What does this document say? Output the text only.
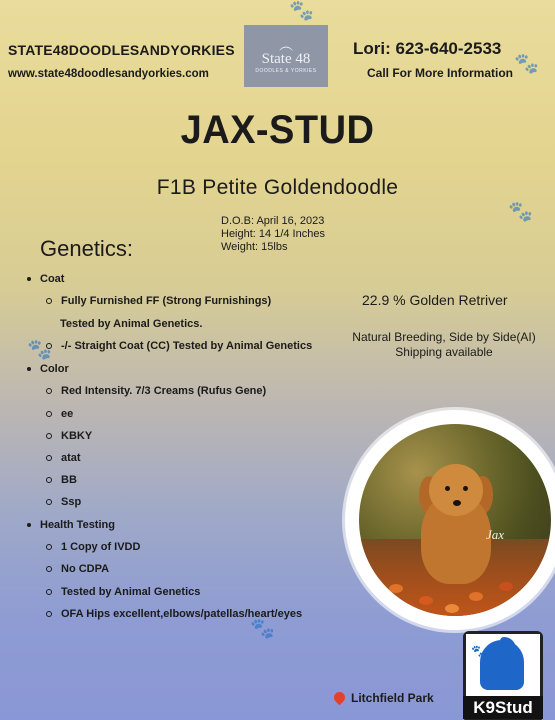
🐾
🐾
🐾
🐾
🐾
STATE48DOODLESANDYORKIES
www.state48doodlesandyorkies.com
︵
State 48
DOODLES & YORKIES
Lori: 623-640-2533
Call For More Information
JAX-STUD
F1B Petite Goldendoodle
D.O.B: April 16, 2023
Height: 14 1/4 Inches
Weight: 15lbs
Genetics:
Coat
Fully Furnished FF (Strong Furnishings)
Tested by Animal Genetics.
-/- Straight Coat (CC) Tested by Animal Genetics
Color
Red Intensity. 7/3 Creams (Rufus Gene)
ee
KBKY
atat
BB
Ssp
Health Testing
1 Copy of IVDD
No CDPA
Tested by Animal Genetics
OFA Hips excellent,elbows/patellas/heart/eyes
22.9 % Golden Retriver
Natural Breeding, Side by Side(AI)
Shipping available
Jax
Litchfield Park
🐾
K9Stud
